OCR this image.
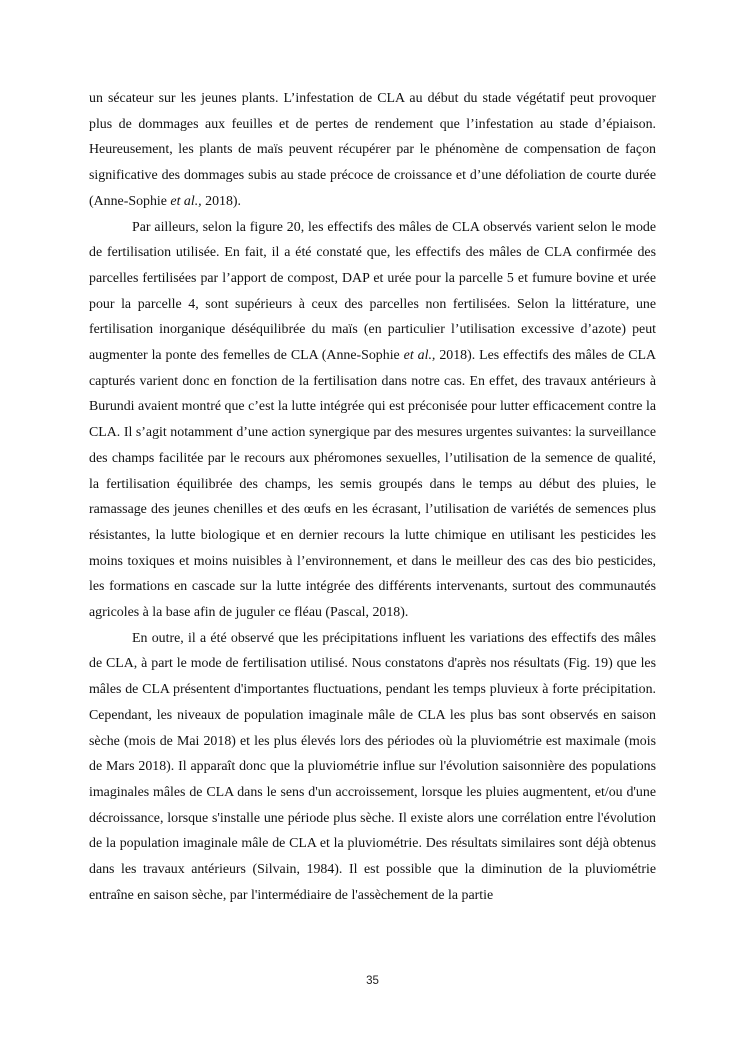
un sécateur sur les jeunes plants. L’infestation de CLA au début du stade végétatif peut provoquer plus de dommages aux feuilles et de pertes de rendement que l’infestation au stade d’épiaison. Heureusement, les plants de maïs peuvent récupérer par le phénomène de compensation de façon significative des dommages subis au stade précoce de croissance et d’une défoliation de courte durée (Anne-Sophie et al., 2018).

Par ailleurs, selon la figure 20, les effectifs des mâles de CLA observés varient selon le mode de fertilisation utilisée. En fait, il a été constaté que, les effectifs des mâles de CLA confirmée des parcelles fertilisées par l’apport de compost, DAP et urée pour la parcelle 5 et fumure bovine et urée pour la parcelle 4, sont supérieurs à ceux des parcelles non fertilisées. Selon la littérature, une fertilisation inorganique déséquilibrée du maïs (en particulier l’utilisation excessive d’azote) peut augmenter la ponte des femelles de CLA (Anne-Sophie et al., 2018). Les effectifs des mâles de CLA capturés varient donc en fonction de la fertilisation dans notre cas. En effet, des travaux antérieurs à Burundi avaient montré que c’est la lutte intégrée qui est préconisée pour lutter efficacement contre la CLA. Il s’agit notamment d’une action synergique par des mesures urgentes suivantes: la surveillance des champs facilitée par le recours aux phéromones sexuelles, l’utilisation de la semence de qualité, la fertilisation équilibrée des champs, les semis groupés dans le temps au début des pluies, le ramassage des jeunes chenilles et des œufs en les écrasant, l’utilisation de variétés de semences plus résistantes, la lutte biologique et en dernier recours la lutte chimique en utilisant les pesticides les moins toxiques et moins nuisibles à l’environnement, et dans le meilleur des cas des bio pesticides, les formations en cascade sur la lutte intégrée des différents intervenants, surtout des communautés agricoles à la base afin de juguler ce fléau (Pascal, 2018).

En outre, il a été observé que les précipitations influent les variations des effectifs des mâles de CLA, à part le mode de fertilisation utilisé. Nous constatons d'après nos résultats (Fig. 19) que les mâles de CLA présentent d'importantes fluctuations, pendant les temps pluvieux à forte précipitation. Cependant, les niveaux de population imaginale mâle de CLA les plus bas sont observés en saison sèche (mois de Mai 2018) et les plus élevés lors des périodes où la pluviométrie est maximale (mois de Mars 2018). Il apparaît donc que la pluviométrie influe sur l'évolution saisonnière des populations imaginales mâles de CLA dans le sens d'un accroissement, lorsque les pluies augmentent, et/ou d'une décroissance, lorsque s'installe une période plus sèche. Il existe alors une corrélation entre l'évolution de la population imaginale mâle de CLA et la pluviométrie. Des résultats similaires sont déjà obtenus dans les travaux antérieurs (Silvain, 1984). Il est possible que la diminution de la pluviométrie entraîne en saison sèche, par l'intermédiaire de l'assèchement de la partie

35
